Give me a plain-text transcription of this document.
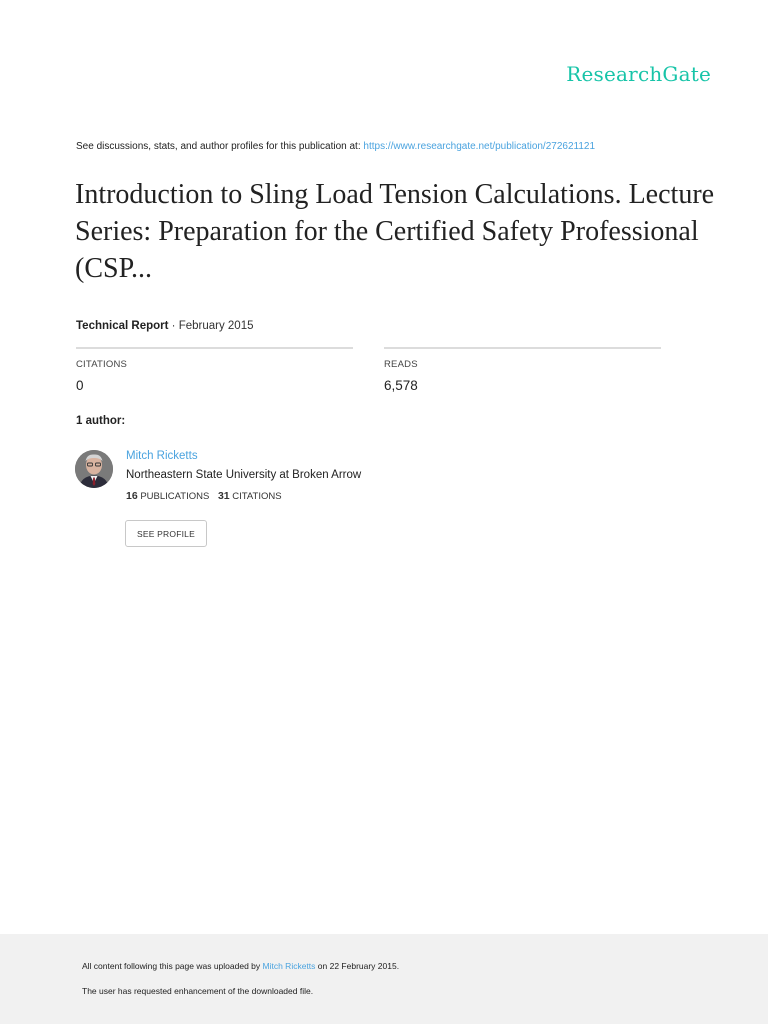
ResearchGate
See discussions, stats, and author profiles for this publication at: https://www.researchgate.net/publication/272621121
Introduction to Sling Load Tension Calculations. Lecture Series: Preparation for the Certified Safety Professional (CSP...
Technical Report · February 2015
CITATIONS
0
READS
6,578
1 author:
Mitch Ricketts
Northeastern State University at Broken Arrow
16 PUBLICATIONS 31 CITATIONS
SEE PROFILE
All content following this page was uploaded by Mitch Ricketts on 22 February 2015.
The user has requested enhancement of the downloaded file.
